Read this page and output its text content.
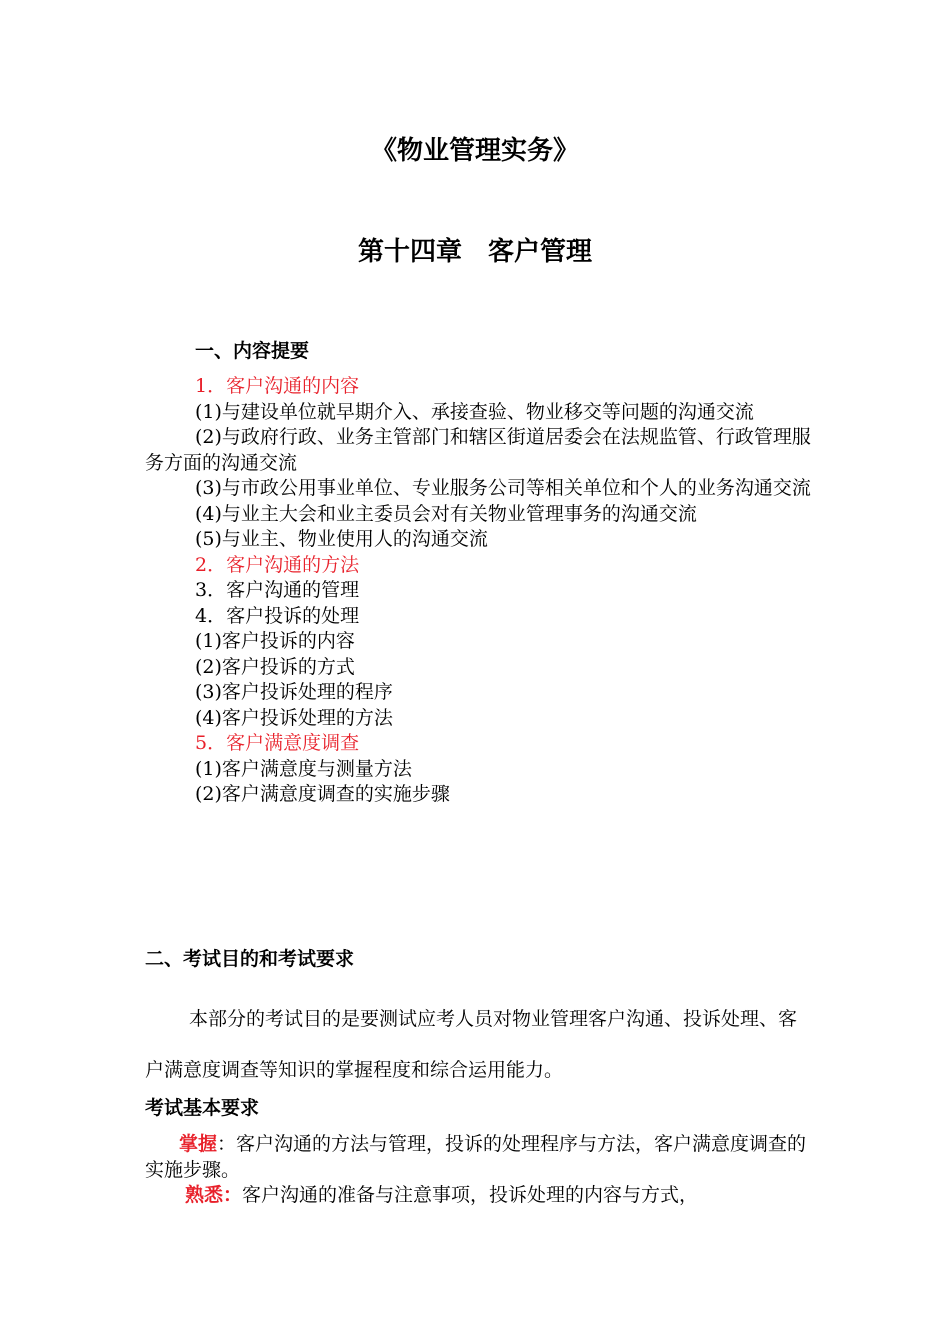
《物业管理实务》
第十四章　客户管理
一、内容提要

1．客户沟通的内容

(1)与建设单位就早期介入、承接查验、物业移交等问题的沟通交流

(2)与政府行政、业务主管部门和辖区街道居委会在法规监管、行政管理服务方面的沟通交流

(3)与市政公用事业单位、专业服务公司等相关单位和个人的业务沟通交流

(4)与业主大会和业主委员会对有关物业管理事务的沟通交流

(5)与业主、物业使用人的沟通交流

2．客户沟通的方法

3．客户沟通的管理

4．客户投诉的处理

(1)客户投诉的内容

(2)客户投诉的方式

(3)客户投诉处理的程序

(4)客户投诉处理的方法

5．客户满意度调查

(1)客户满意度与测量方法

(2)客户满意度调查的实施步骤

二、考试目的和考试要求
本部分的考试目的是要测试应考人员对物业管理客户沟通、投诉处理、客户满意度调查等知识的掌握程度和综合运用能力。
考试基本要求

掌握：客户沟通的方法与管理，投诉的处理程序与方法，客户满意度调查的实施步骤。

熟悉：客户沟通的准备与注意事项，投诉处理的内容与方式，
